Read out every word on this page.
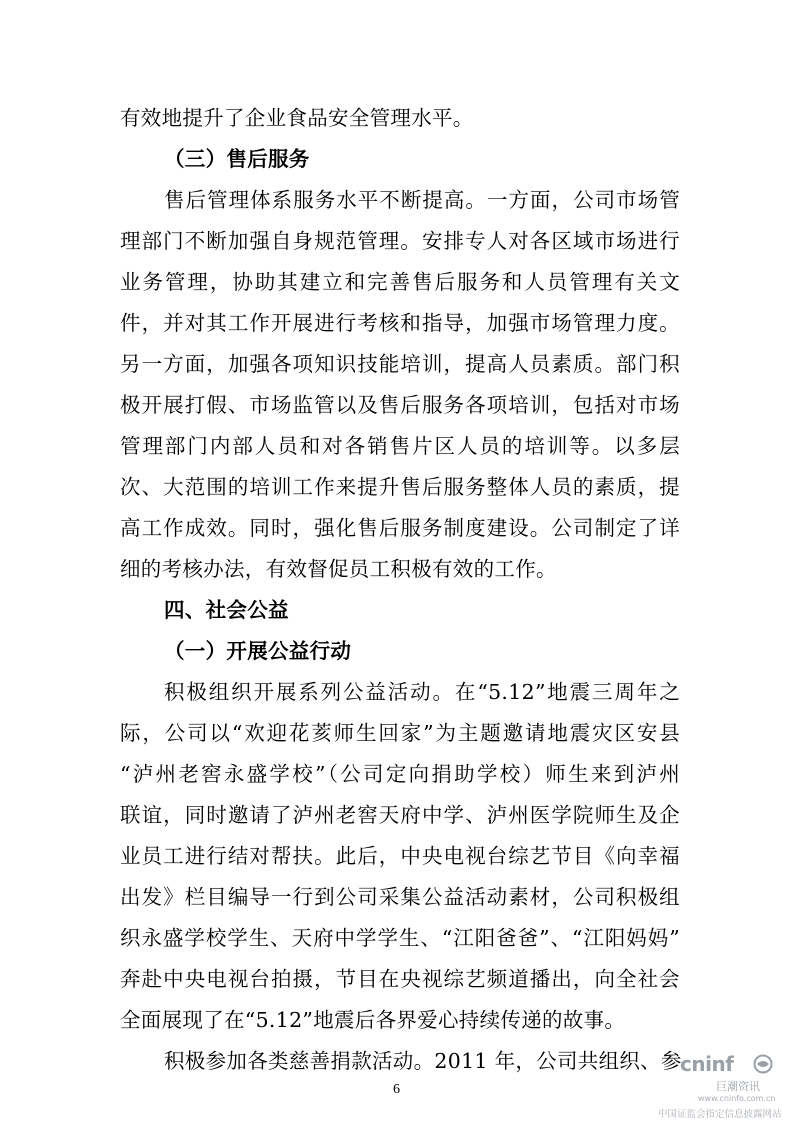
有效地提升了企业食品安全管理水平。
（三）售后服务
售后管理体系服务水平不断提高。一方面，公司市场管
理部门不断加强自身规范管理。安排专人对各区域市场进行
业务管理，协助其建立和完善售后服务和人员管理有关文
件，并对其工作开展进行考核和指导，加强市场管理力度。
另一方面，加强各项知识技能培训，提高人员素质。部门积
极开展打假、市场监管以及售后服务各项培训，包括对市场
管理部门内部人员和对各销售片区人员的培训等。以多层
次、大范围的培训工作来提升售后服务整体人员的素质，提
高工作成效。同时，强化售后服务制度建设。公司制定了详
细的考核办法，有效督促员工积极有效的工作。
四、社会公益
（一）开展公益行动
积极组织开展系列公益活动。在“5.12”地震三周年之
际，公司以“欢迎花荄师生回家”为主题邀请地震灾区安县
“泸州老窖永盛学校”（公司定向捐助学校）师生来到泸州
联谊，同时邀请了泸州老窖天府中学、泸州医学院师生及企
业员工进行结对帮扶。此后，中央电视台综艺节目《向幸福
出发》栏目编导一行到公司采集公益活动素材，公司积极组
织永盛学校学生、天府中学学生、“江阳爸爸”、“江阳妈妈”
奔赴中央电视台拍摄，节目在央视综艺频道播出，向全社会
全面展现了在“5.12”地震后各界爱心持续传递的故事。
积极参加各类慈善捐款活动。2011 年，公司共组织、参
6
cninf
巨潮资讯
www.cninfo.com.cn
中国证监会指定信息披露网站
